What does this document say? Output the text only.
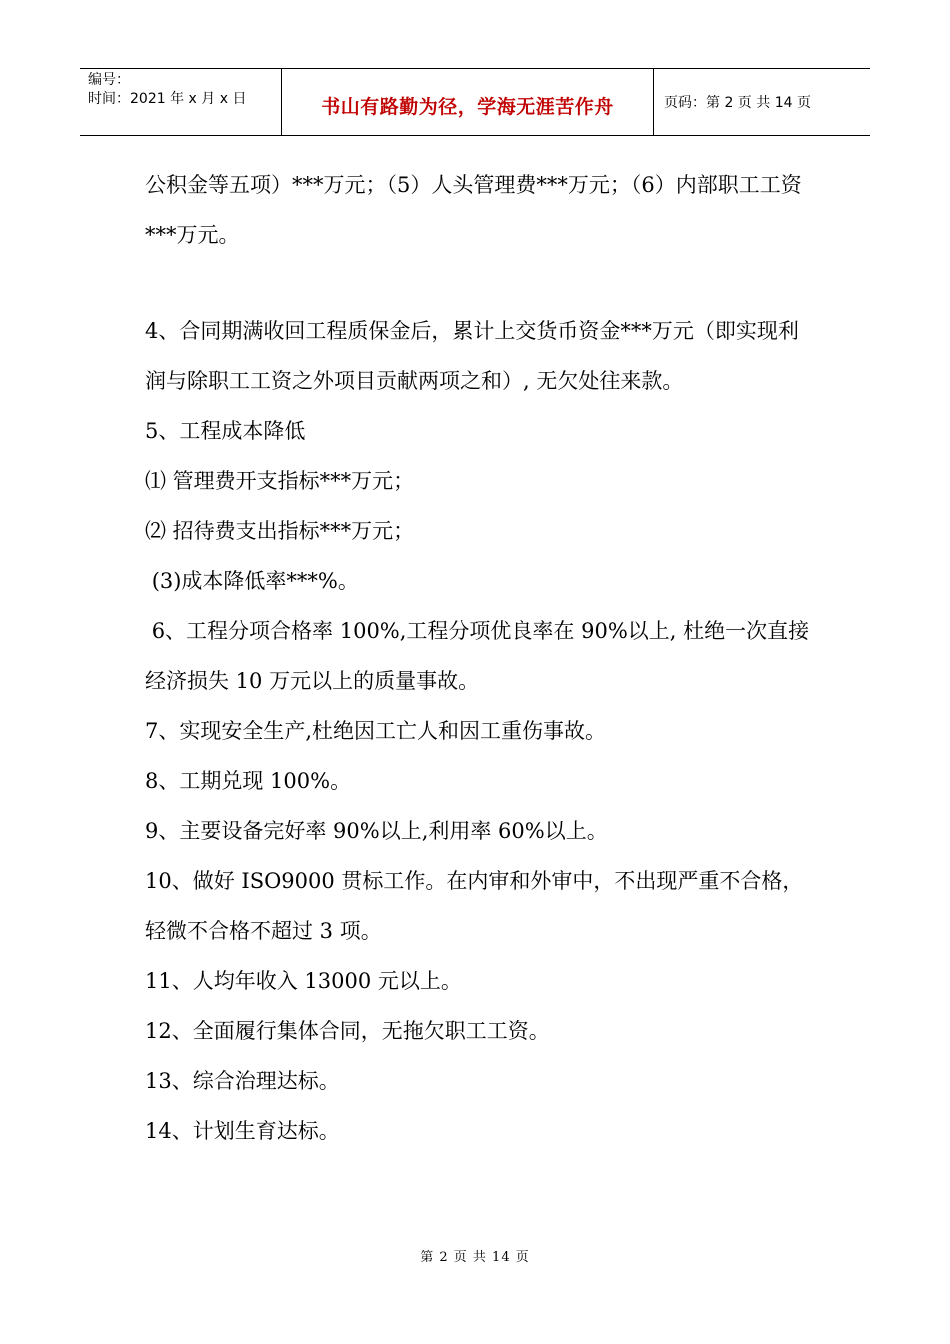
编号：
时间：2021 年 x 月 x 日	书山有路勤为径，学海无涯苦作舟	页码：第 2 页 共 14 页

公积金等五项）***万元；（5）人头管理费***万元；（6）内部职工工资***万元。

4、合同期满收回工程质保金后，累计上交货币资金***万元（即实现利润与除职工工资之外项目贡献两项之和）, 无欠处往来款。

5、工程成本降低

⑴ 管理费开支指标***万元；

⑵ 招待费支出指标***万元；

(3)成本降低率***%。

6、工程分项合格率 100%,工程分项优良率在 90%以上, 杜绝一次直接经济损失 10 万元以上的质量事故。

7、实现安全生产,杜绝因工亡人和因工重伤事故。

8、工期兑现 100%。

9、主要设备完好率 90%以上,利用率 60%以上。

10、做好 ISO9000 贯标工作。在内审和外审中，不出现严重不合格，轻微不合格不超过 3 项。

11、人均年收入 13000 元以上。

12、全面履行集体合同，无拖欠职工工资。

13、综合治理达标。

14、计划生育达标。

第 2 页 共 14 页
